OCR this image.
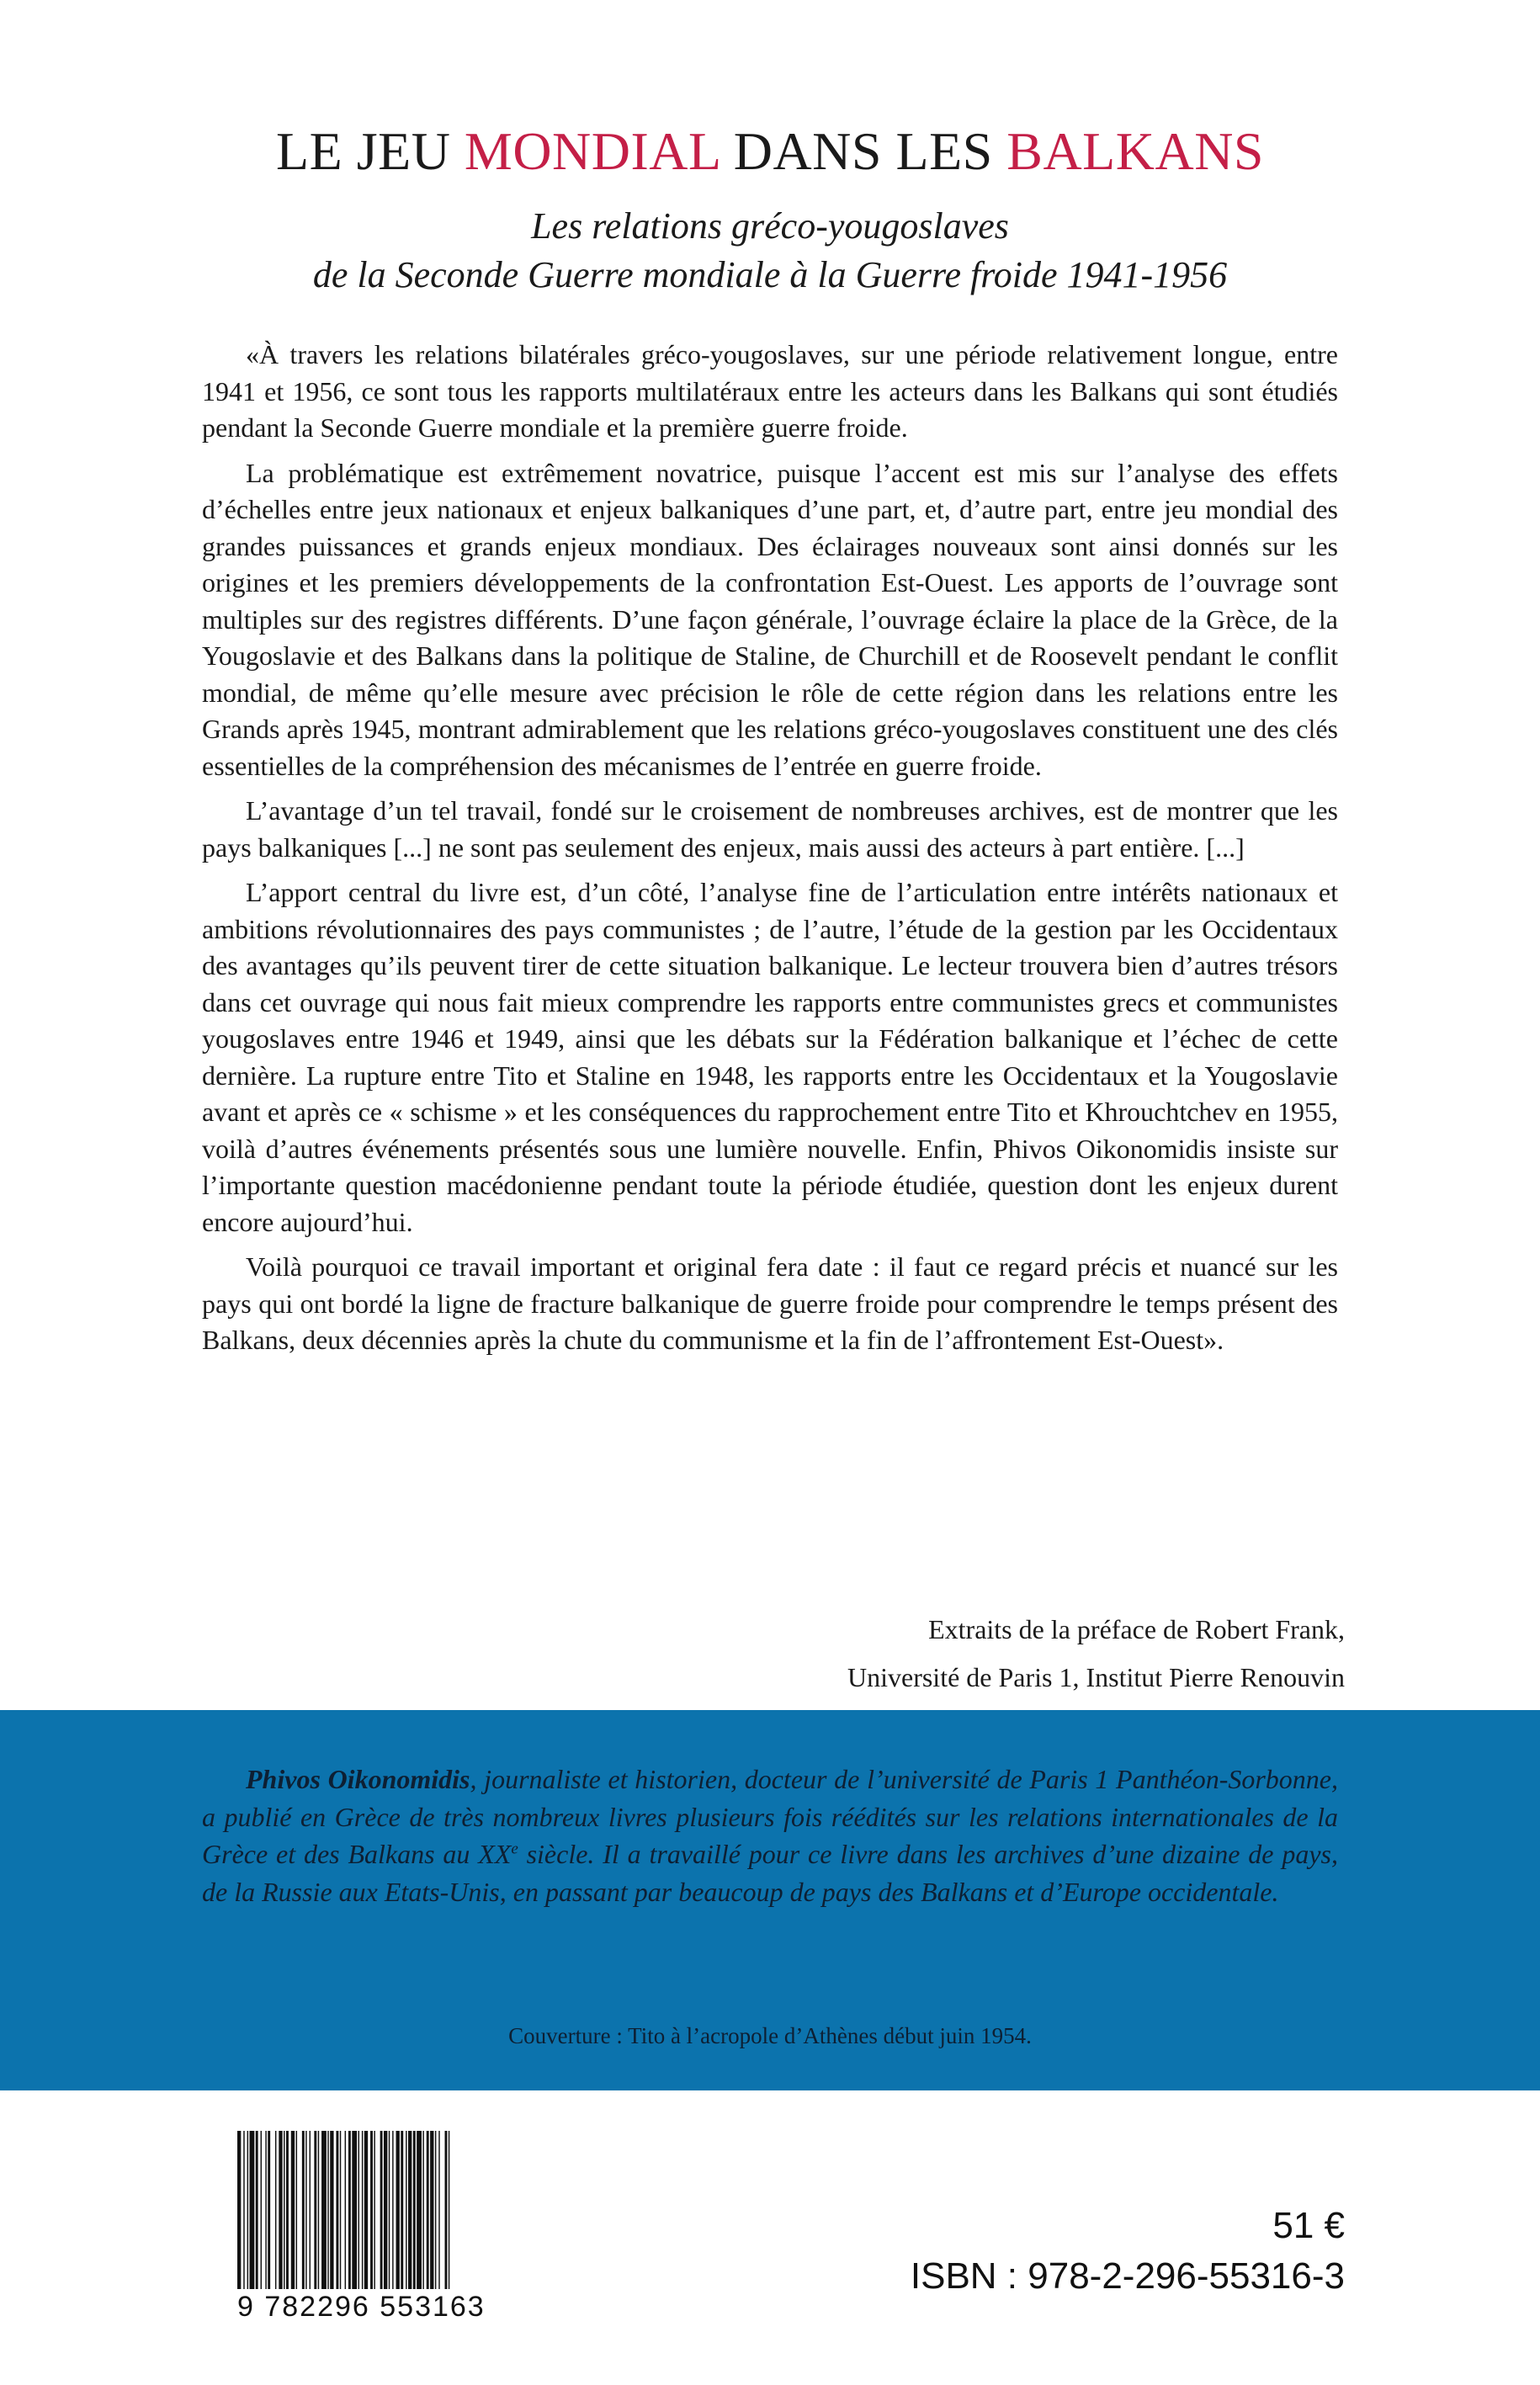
LE JEU MONDIAL DANS LES BALKANS
Les relations gréco-yougoslaves
de la Seconde Guerre mondiale à la Guerre froide 1941-1956

«À travers les relations bilatérales gréco-yougoslaves, sur une période relativement longue, entre 1941 et 1956, ce sont tous les rapports multilatéraux entre les acteurs dans les Balkans qui sont étudiés pendant la Seconde Guerre mondiale et la première guerre froide.

La problématique est extrêmement novatrice, puisque l’accent est mis sur l’analyse des effets d’échelles entre jeux nationaux et enjeux balkaniques d’une part, et, d’autre part, entre jeu mondial des grandes puissances et grands enjeux mondiaux. Des éclairages nouveaux sont ainsi donnés sur les origines et les premiers développements de la confrontation Est-Ouest. Les apports de l’ouvrage sont multiples sur des registres différents. D’une façon générale, l’ouvrage éclaire la place de la Grèce, de la Yougoslavie et des Balkans dans la politique de Staline, de Churchill et de Roosevelt pendant le conflit mondial, de même qu’elle mesure avec précision le rôle de cette région dans les relations entre les Grands après 1945, montrant admirablement que les relations gréco-yougoslaves constituent une des clés essentielles de la compréhension des mécanismes de l’entrée en guerre froide.

L’avantage d’un tel travail, fondé sur le croisement de nombreuses archives, est de montrer que les pays balkaniques [...] ne sont pas seulement des enjeux, mais aussi des acteurs à part entière. [...]

L’apport central du livre est, d’un côté, l’analyse fine de l’articulation entre intérêts nationaux et ambitions révolutionnaires des pays communistes ; de l’autre, l’étude de la gestion par les Occidentaux des avantages qu’ils peuvent tirer de cette situation balkanique. Le lecteur trouvera bien d’autres trésors dans cet ouvrage qui nous fait mieux comprendre les rapports entre communistes grecs et communistes yougoslaves entre 1946 et 1949, ainsi que les débats sur la Fédération balkanique et l’échec de cette dernière. La rupture entre Tito et Staline en 1948, les rapports entre les Occidentaux et la Yougoslavie avant et après ce « schisme » et les conséquences du rapprochement entre Tito et Khrouchtchev en 1955, voilà d’autres événements présentés sous une lumière nouvelle. Enfin, Phivos Oikonomidis insiste sur l’importante question macédonienne pendant toute la période étudiée, question dont les enjeux durent encore aujourd’hui.

Voilà pourquoi ce travail important et original fera date : il faut ce regard précis et nuancé sur les pays qui ont bordé la ligne de fracture balkanique de guerre froide pour comprendre le temps présent des Balkans, deux décennies après la chute du communisme et la fin de l’affrontement Est-Ouest».

Extraits de la préface de Robert Frank,
Université de Paris 1, Institut Pierre Renouvin

Phivos Oikonomidis, journaliste et historien, docteur de l’université de Paris 1 Panthéon-Sorbonne, a publié en Grèce de très nombreux livres plusieurs fois réédités sur les relations internationales de la Grèce et des Balkans au XXe siècle. Il a travaillé pour ce livre dans les archives d’une dizaine de pays, de la Russie aux Etats-Unis, en passant par beaucoup de pays des Balkans et d’Europe occidentale.

Couverture : Tito à l’acropole d’Athènes début juin 1954.
9 782296 553163
51 €
ISBN : 978-2-296-55316-3
